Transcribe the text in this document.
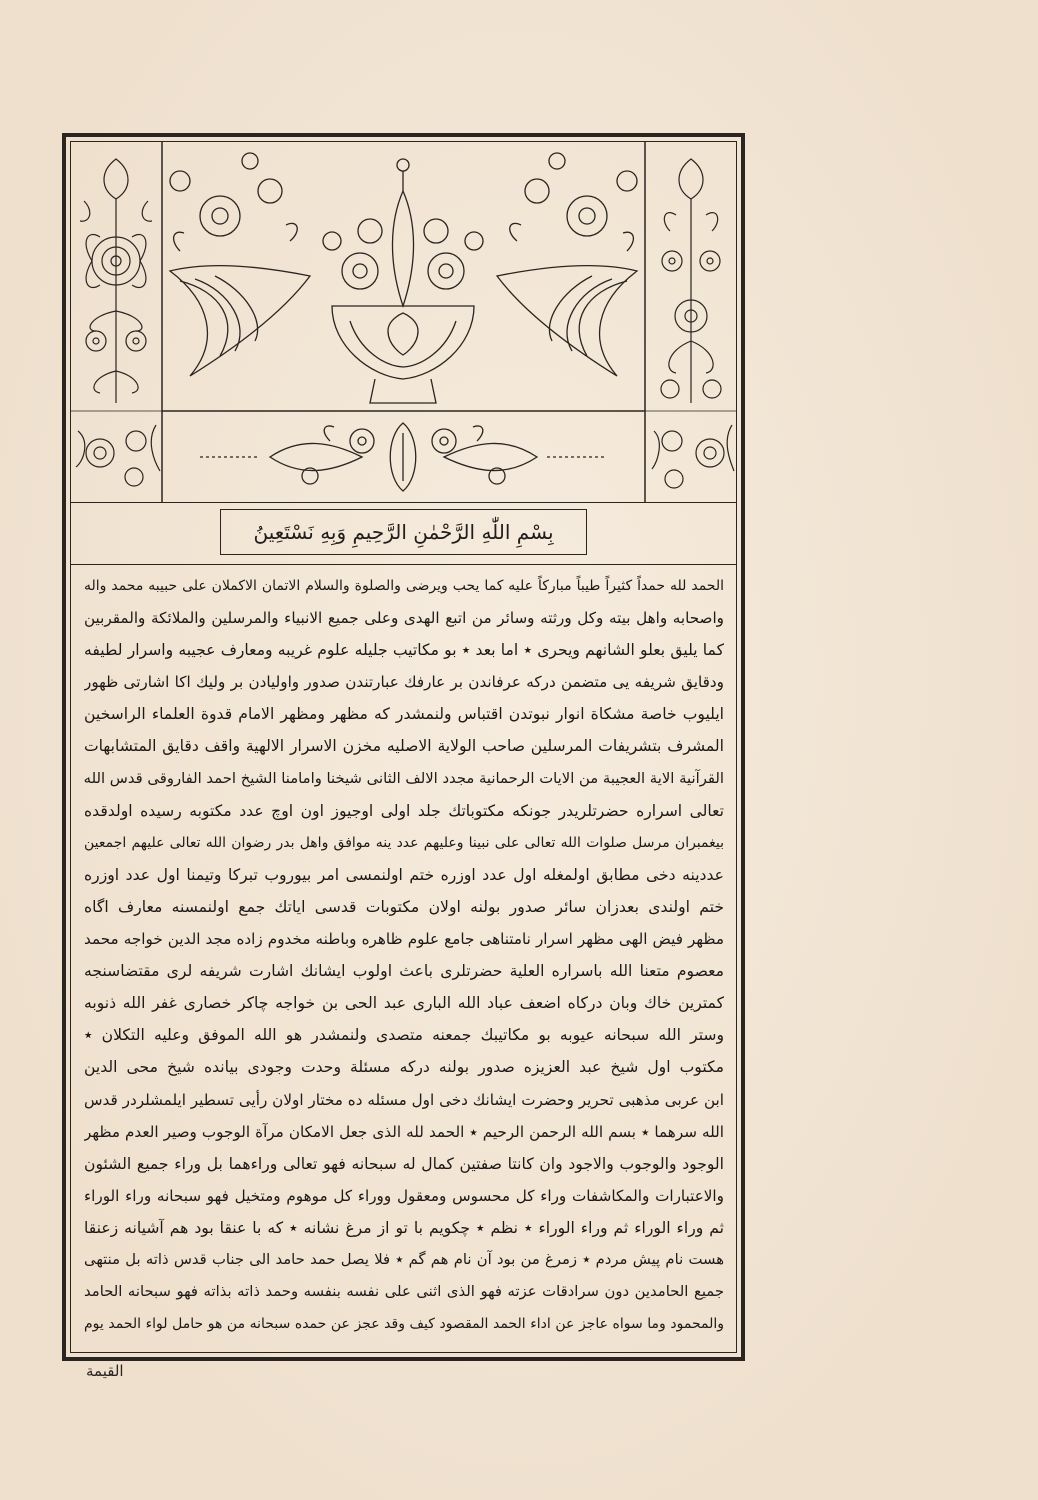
بِسْمِ اللّٰهِ الرَّحْمٰنِ الرَّحِيمِ وَبِهِ نَسْتَعِينُ
الحمد لله حمداً كثيراً طيباً مباركاً عليه كما يحب ويرضى والصلوة والسلام الاتمان الاكملان على حبيبه محمد واله
واصحابه واهل بيته وكل ورثته وسائر من اتبع الهدى وعلى جميع الانبياء والمرسلين والملائكة والمقربين
كما يليق بعلو الشانهم ويحرى ٭ اما بعد ٭ بو مكاتيب جليله علوم غريبه ومعارف عجيبه واسرار لطيفه
ودقايق شريفه يى متضمن دركه عرفاندن بر عارفك عبارتندن صدور واوليادن بر وليك اكا اشارتى ظهور
ايليوب خاصة مشكاة انوار نبوتدن اقتباس ولنمشدر كه مظهر ومظهر الامام قدوة العلماء الراسخين
المشرف بتشريفات المرسلين صاحب الولاية الاصليه مخزن الاسرار الالهية واقف دقايق المتشابهات
القرآنية الاية العجيبة من الايات الرحمانية مجدد الالف الثانى شيخنا وامامنا الشيخ احمد الفاروقى قدس الله
تعالى اسراره حضرتلريدر جونكه مكتوباتك جلد اولى اوجيوز اون اوچ عدد مكتوبه رسيده اولدقده
بيغمبران مرسل صلوات الله تعالى على نبينا وعليهم عدد ينه موافق واهل بدر رضوان الله تعالى عليهم اجمعين
عددينه دخى مطابق اولمغله اول عدد اوزره ختم اولنمسى امر بيوروب تبركا وتيمنا اول عدد اوزره
ختم اولندى بعدزان سائر صدور بولنه اولان مكتوبات قدسى اياتك جمع اولنمسنه معارف اگاه
مظهر فيض الهى مظهر اسرار نامتناهى جامع علوم ظاهره وباطنه مخدوم زاده مجد الدين خواجه محمد
معصوم متعنا الله باسراره العلية حضرتلرى باعث اولوب ايشانك اشارت شريفه لرى مقتضاسنجه
كمترين خاك وبان دركاه اضعف عباد الله البارى عبد الحى بن خواجه چاكر خصارى غفر الله ذنوبه
وستر الله سبحانه عيوبه بو مكاتيبك جمعنه متصدى ولنمشدر هو الله الموفق وعليه التكلان ٭
مكتوب اول شيخ عبد العزيزه صدور بولنه دركه مسئلة وحدت وجودى بيانده شيخ محى الدين
ابن عربى مذهبى تحرير وحضرت ايشانك دخى اول مسئله ده مختار اولان رأيى تسطير ايلمشلردر قدس
الله سرهما ٭ بسم الله الرحمن الرحيم ٭ الحمد لله الذى جعل الامكان مرآة الوجوب وصير العدم مظهر
الوجود والوجوب والاجود وان كانتا صفتين كمال له سبحانه فهو تعالى وراءهما بل وراء جميع الشئون
والاعتبارات والمكاشفات وراء كل محسوس ومعقول ووراء كل موهوم ومتخيل فهو سبحانه وراء الوراء
ثم وراء الوراء ثم وراء الوراء ٭ نظم ٭ چكويم با تو از مرغ نشانه ٭ كه با عنقا بود هم آشيانه زعنقا
هست نام پيش مردم ٭ زمرغ من بود آن نام هم گم ٭ فلا يصل حمد حامد الى جناب قدس ذاته بل منتهى
جميع الحامدين دون سرادقات عزته فهو الذى اثنى على نفسه بنفسه وحمد ذاته بذاته فهو سبحانه الحامد
والمحمود وما سواه عاجز عن اداء الحمد المقصود كيف وقد عجز عن حمده سبحانه من هو حامل لواء الحمد يوم
القيمة
